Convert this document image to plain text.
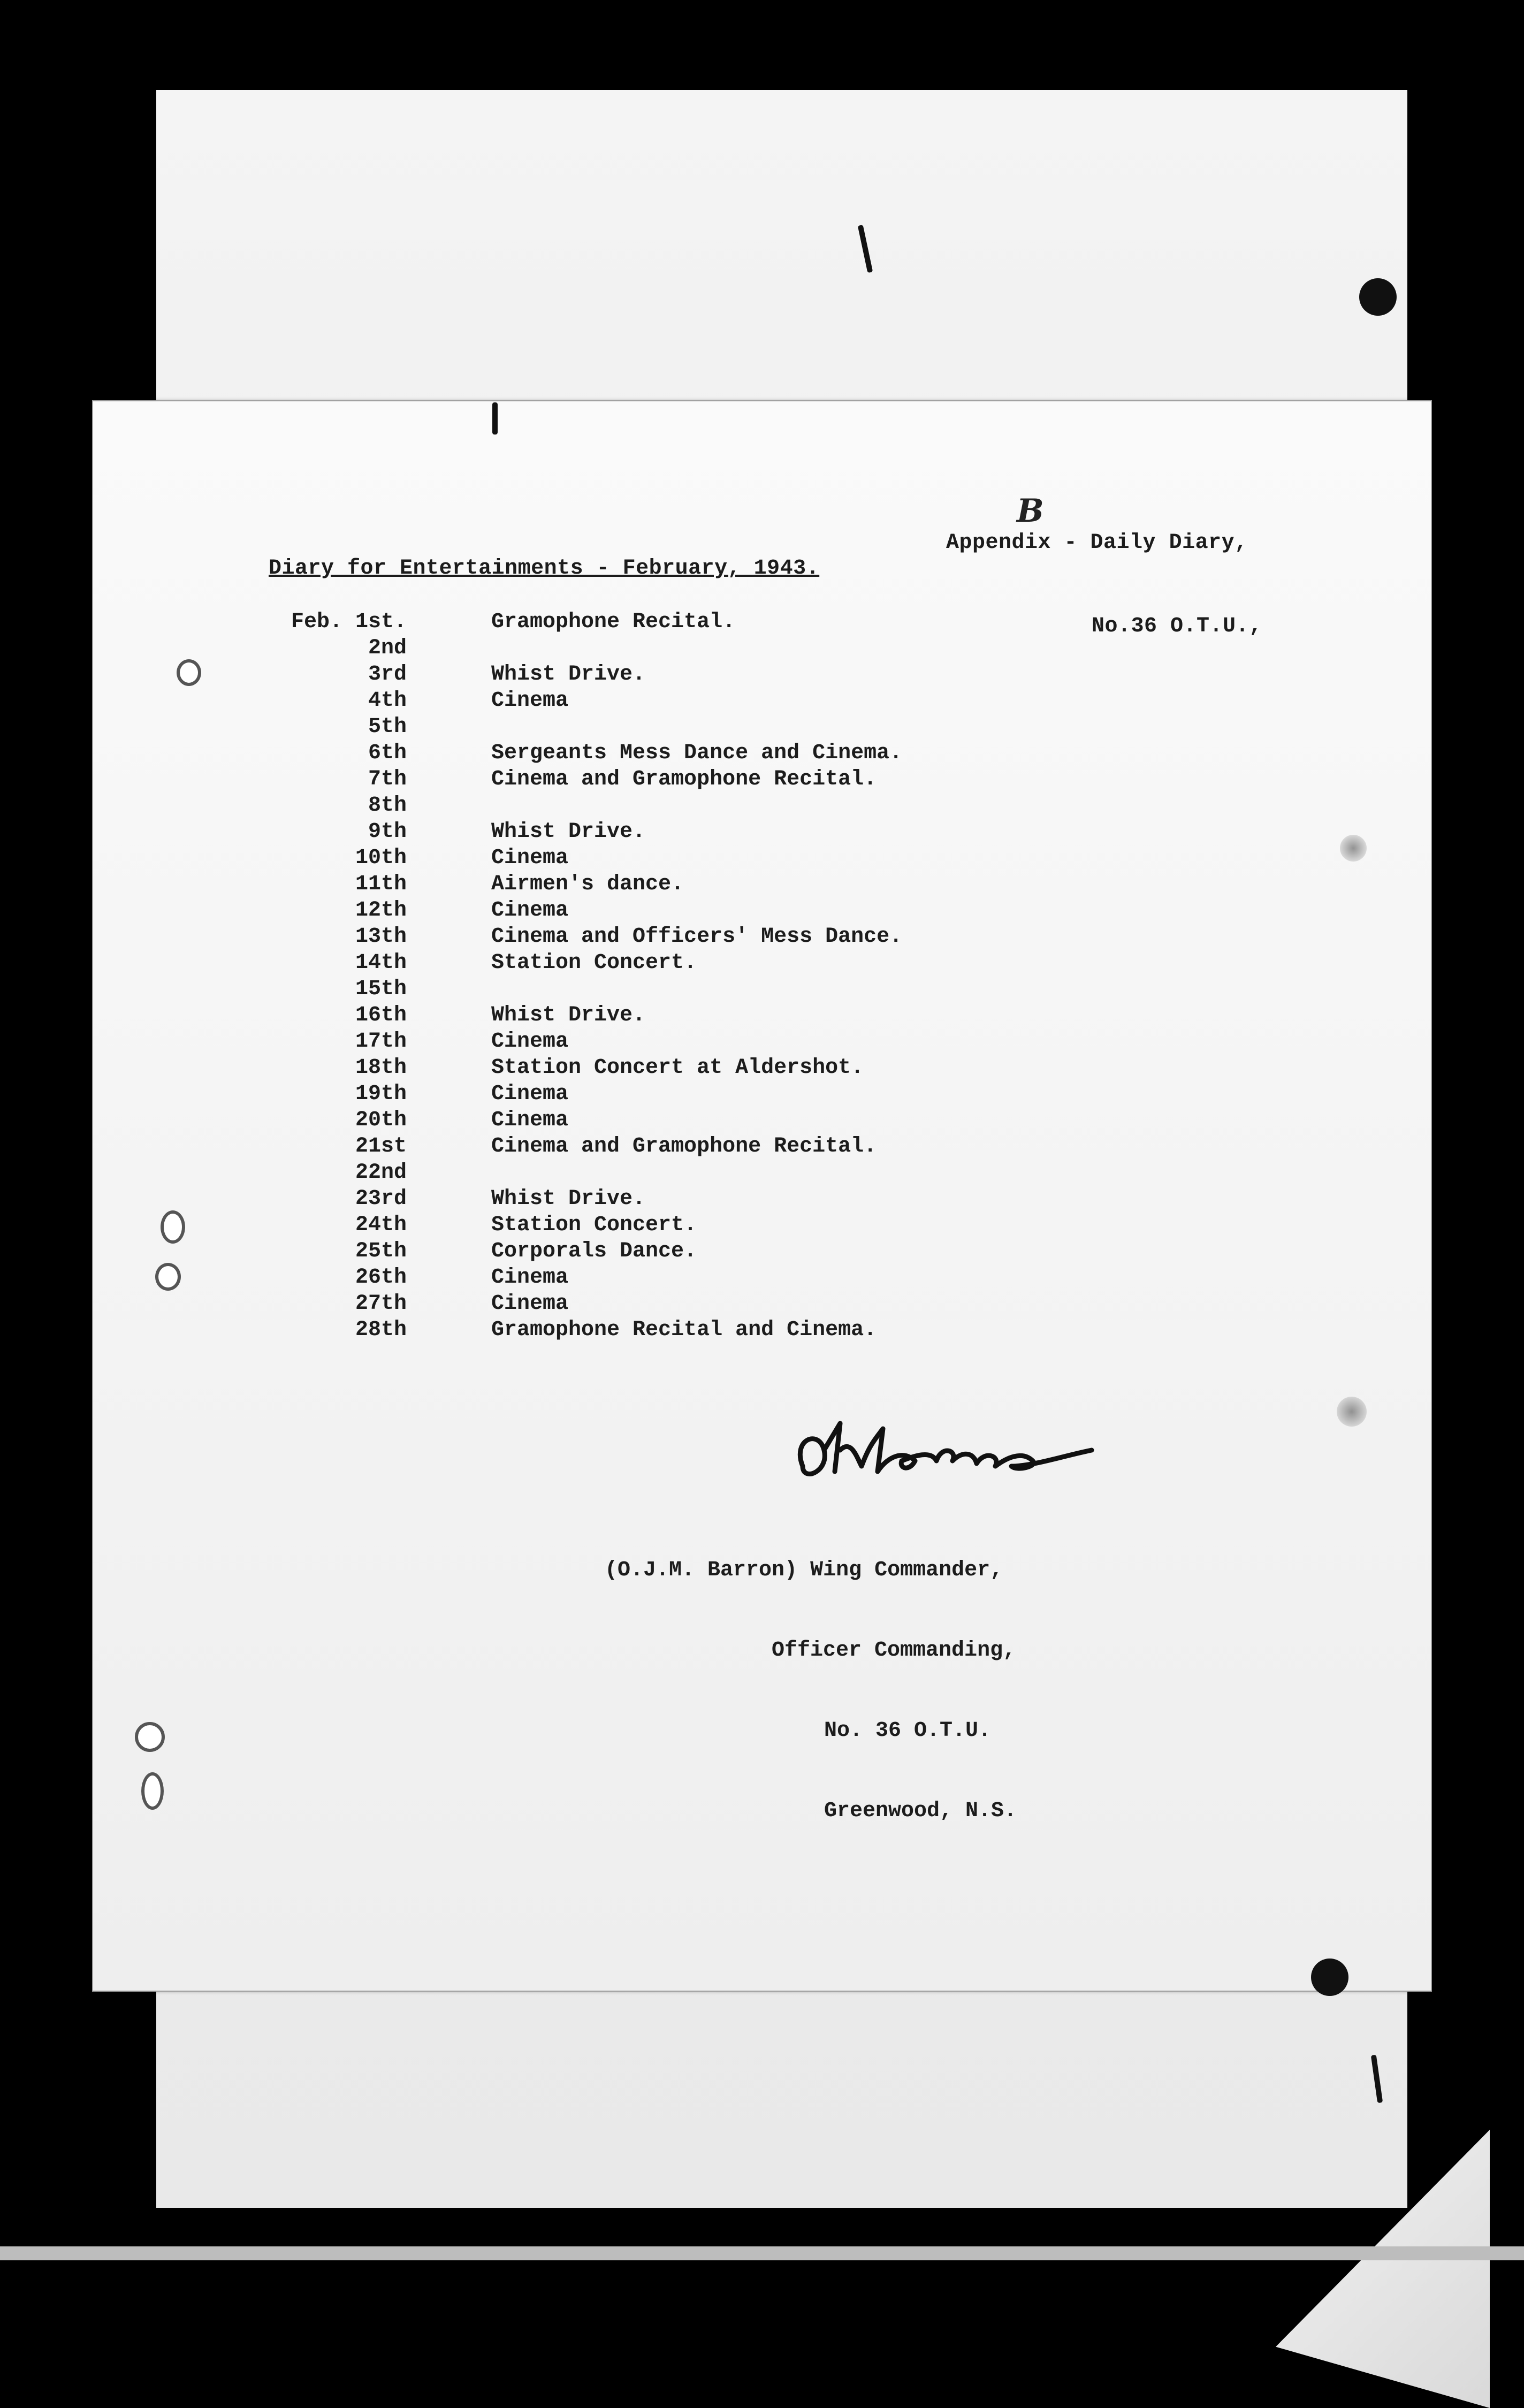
Appendix - Daily Diary,

No.36 O.T.U.,

B
Diary for Entertainments - February, 1943.
Feb. 1st.	Gramophone Recital.
2nd
3rd	Whist Drive.
4th	Cinema
5th
6th	Sergeants Mess Dance and Cinema.
7th	Cinema and Gramophone Recital.
8th
9th	Whist Drive.
10th	Cinema
11th	Airmen's dance.
12th	Cinema
13th	Cinema and Officers' Mess Dance.
14th	Station Concert.
15th
16th	Whist Drive.
17th	Cinema
18th	Station Concert at Aldershot.
19th	Cinema
20th	Cinema
21st	Cinema and Gramophone Recital.
22nd
23rd	Whist Drive.
24th	Station Concert.
25th	Corporals Dance.
26th	Cinema
27th	Cinema
28th	Gramophone Recital and Cinema.

(O.J.M. Barron) Wing Commander,

Officer Commanding,

No. 36 O.T.U.

Greenwood, N.S.
